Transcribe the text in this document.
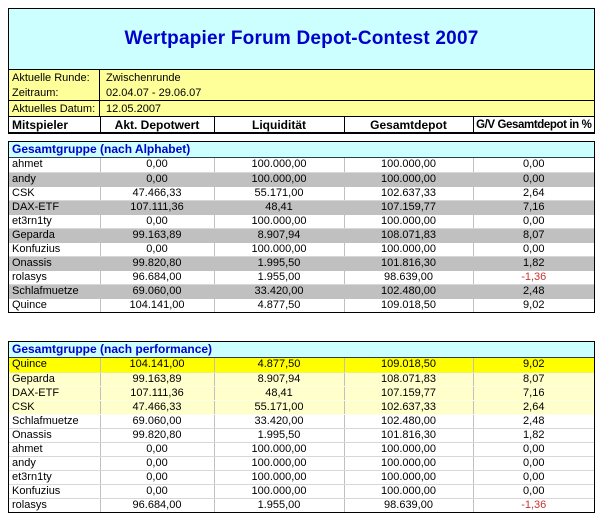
Wertpapier Forum Depot-Contest 2007
Aktuelle Runde:	Zwischenrunde
Zeitraum:	02.04.07 - 29.06.07
Aktuelles Datum: 12.05.2007
Mitspieler	Akt. Depotwert	Liquidität	Gesamtdepot	G/V Gesamtdepot in %
Gesamtgruppe (nach Alphabet)
ahmet	0,00	100.000,00	100.000,00	0,00
andy	0,00	100.000,00	100.000,00	0,00
CSK	47.466,33	55.171,00	102.637,33	2,64
DAX-ETF	107.111,36	48,41	107.159,77	7,16
et3rn1ty	0,00	100.000,00	100.000,00	0,00
Geparda	99.163,89	8.907,94	108.071,83	8,07
Konfuzius	0,00	100.000,00	100.000,00	0,00
Onassis	99.820,80	1.995,50	101.816,30	1,82
rolasys	96.684,00	1.955,00	98.639,00	-1,36
Schlafmuetze	69.060,00	33.420,00	102.480,00	2,48
Quince	104.141,00	4.877,50	109.018,50	9,02
Gesamtgruppe (nach performance)
Quince	104.141,00	4.877,50	109.018,50	9,02
Geparda	99.163,89	8.907,94	108.071,83	8,07
DAX-ETF	107.111,36	48,41	107.159,77	7,16
CSK	47.466,33	55.171,00	102.637,33	2,64
Schlafmuetze	69.060,00	33.420,00	102.480,00	2,48
Onassis	99.820,80	1.995,50	101.816,30	1,82
ahmet	0,00	100.000,00	100.000,00	0,00
andy	0,00	100.000,00	100.000,00	0,00
et3rn1ty	0,00	100.000,00	100.000,00	0,00
Konfuzius	0,00	100.000,00	100.000,00	0,00
rolasys	96.684,00	1.955,00	98.639,00	-1,36
